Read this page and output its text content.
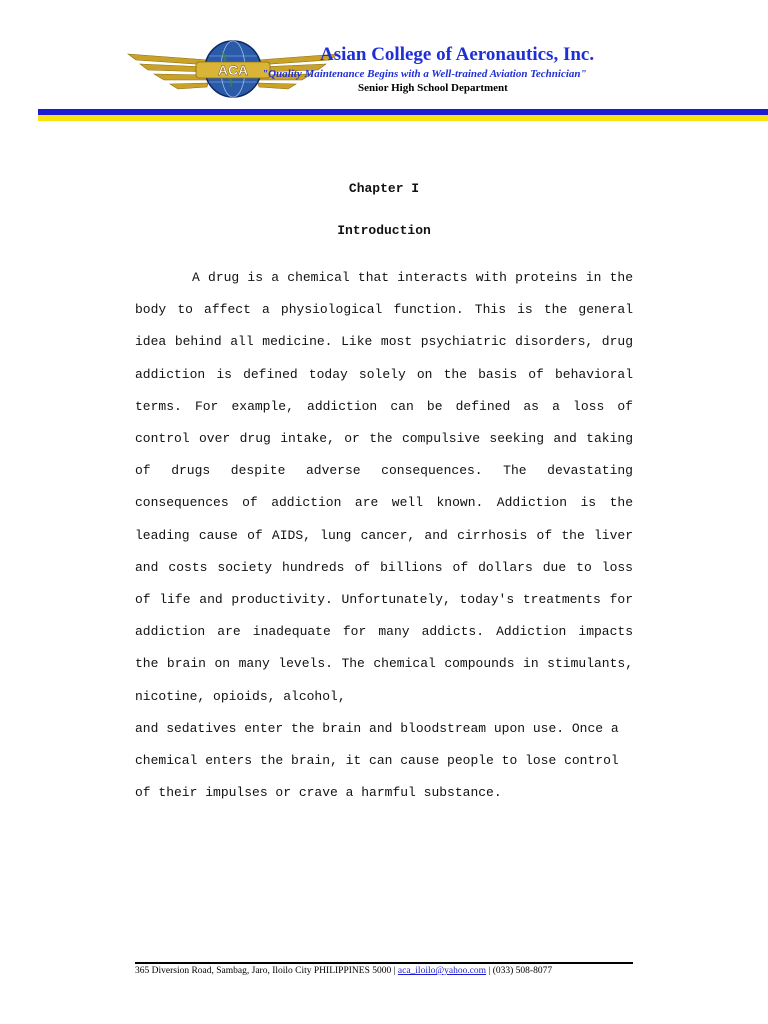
ACA
Asian College of Aeronautics, Inc.
"Quality Maintenance Begins with a Well-trained Aviation Technician"
Senior High School Department
Chapter I
Introduction

A drug is a chemical that interacts with proteins in the body to affect a physiological function. This is the general idea behind all medicine. Like most psychiatric disorders, drug addiction is defined today solely on the basis of behavioral terms. For example, addiction can be defined as a loss of control over drug intake, or the compulsive seeking and taking of drugs despite adverse consequences. The devastating consequences of addiction are well known. Addiction is the leading cause of AIDS, lung cancer, and cirrhosis of the liver and costs society hundreds of billions of dollars due to loss of life and productivity. Unfortunately, today's treatments for addiction are inadequate for many addicts. Addiction impacts the brain on many levels. The chemical compounds in stimulants, nicotine, opioids, alcohol,

and sedatives enter the brain and bloodstream upon use. Once a chemical enters the brain, it can cause people to lose control of their impulses or crave a harmful substance.

365 Diversion Road, Sambag, Jaro, Iloilo City PHILIPPINES 5000 | aca_iloilo@yahoo.com | (033) 508-8077
